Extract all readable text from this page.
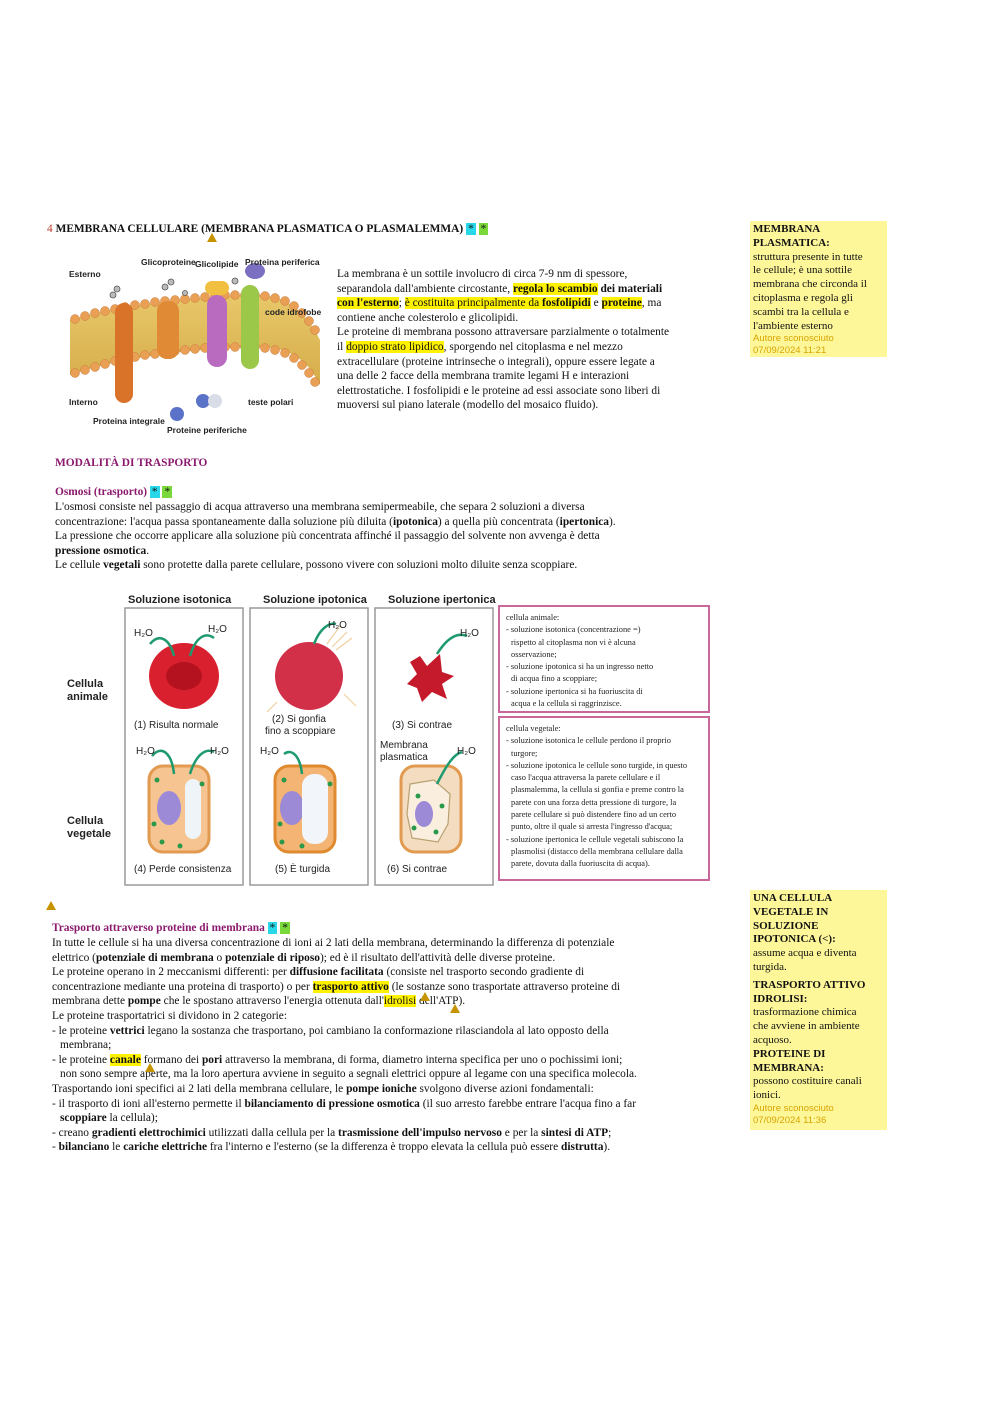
4 MEMBRANA CELLULARE (MEMBRANA PLASMATICA O PLASMALEMMA) * *
Esterno
Glicoproteine Glicolipide Proteina periferica
code idrofobe
Interno	teste polari
Proteina integrale
Proteine periferiche

La membrana è un sottile involucro di circa 7-9 nm di spessore,

separandola dall'ambiente circostante, regola lo scambio dei materiali

con l'esterno; è costituita principalmente da fosfolipidi e proteine, ma

contiene anche colesterolo e glicolipidi.

Le proteine di membrana possono attraversare parzialmente o totalmente

il doppio strato lipidico, sporgendo nel citoplasma e nel mezzo

extracellulare (proteine intrinseche o integrali), oppure essere legate a

una delle 2 facce della membrana tramite legami H e interazioni

elettrostatiche. I fosfolipidi e le proteine ad essi associate sono liberi di

muoversi sul piano laterale (modello del mosaico fluido).

MEMBRANA
PLASMATICA:
struttura presente in tutte
le cellule; è una sottile
membrana che circonda il
citoplasma e regola gli
scambi tra la cellula e
l'ambiente esterno
Autore sconosciuto
07/09/2024 11:21
MODALITÀ DI TRASPORTO
Osmosi (trasporto) * *

L'osmosi consiste nel passaggio di acqua attraverso una membrana semipermeabile, che separa 2 soluzioni a diversa

concentrazione: l'acqua passa spontaneamente dalla soluzione più diluita (ipotonica) a quella più concentrata (ipertonica).

La pressione che occorre applicare alla soluzione più concentrata affinché il passaggio del solvente non avvenga è detta

pressione osmotica.

Le cellule vegetali sono protette dalla parete cellulare, possono vivere con soluzioni molto diluite senza scoppiare.

Soluzione isotonica	Soluzione ipotonica Soluzione ipertonica
Cellula
animale
Cellula
vegetale
H₂O	H₂O	H₂O
H₂O
(1) Risulta normale
(2) Si gonfia
fino a scoppiare
(3) Si contrae
H₂O	H₂O	H₂O	H₂O
Membrana
plasmatica
(4) Perde consistenza	(5) È turgida	(6) Si contrae
cellula animale:
- soluzione isotonica (concentrazione =)
rispetto al citoplasma non vi è alcuna
osservazione;
- soluzione ipotonica si ha un ingresso netto
di acqua fino a scoppiare;
- soluzione ipertonica si ha fuoriuscita di
acqua e la cellula si raggrinzisce.
cellula vegetale:
- soluzione isotonica le cellule perdono il proprio
turgore;
- soluzione ipotonica le cellule sono turgide, in questo
caso l'acqua attraversa la parete cellulare e il
plasmalemma, la cellula si gonfia e preme contro la
parete con una forza detta pressione di turgore, la
parete cellulare si può distendere fino ad un certo
punto, oltre il quale si arresta l'ingresso d'acqua;
- soluzione ipertonica le cellule vegetali subiscono la
plasmolisi (distacco della membrana cellulare dalla
parete, dovuta dalla fuoriuscita di acqua).
UNA CELLULA
VEGETALE IN
SOLUZIONE
IPOTONICA (<):
assume acqua e diventa
turgida.
TRASPORTO ATTIVO
IDROLISI:
trasformazione chimica
che avviene in ambiente
acquoso.
PROTEINE DI
MEMBRANA:
possono costituire canali
ionici.
Autore sconosciuto
07/09/2024 11:36
Trasporto attraverso proteine di membrana * *

In tutte le cellule si ha una diversa concentrazione di ioni ai 2 lati della membrana, determinando la differenza di potenziale

elettrico (potenziale di membrana o potenziale di riposo); ed è il risultato dell'attività delle diverse proteine.

Le proteine operano in 2 meccanismi differenti: per diffusione facilitata (consiste nel trasporto secondo gradiente di

concentrazione mediante una proteina di trasporto) o per trasporto attivo (le sostanze sono trasportate attraverso proteine di

membrana dette pompe che le spostano attraverso l'energia ottenuta dall'idrolisi dell'ATP).

Le proteine trasportatrici si dividono in 2 categorie:

- le proteine vettrici legano la sostanza che trasportano, poi cambiano la conformazione rilasciandola al lato opposto della

membrana;

- le proteine canale formano dei pori attraverso la membrana, di forma, diametro interna specifica per uno o pochissimi ioni;

non sono sempre aperte, ma la loro apertura avviene in seguito a segnali elettrici oppure al legame con una specifica molecola.

Trasportando ioni specifici ai 2 lati della membrana cellulare, le pompe ioniche svolgono diverse azioni fondamentali:

- il trasporto di ioni all'esterno permette il bilanciamento di pressione osmotica (il suo arresto farebbe entrare l'acqua fino a far

scoppiare la cellula);

- creano gradienti elettrochimici utilizzati dalla cellula per la trasmissione dell'impulso nervoso e per la sintesi di ATP;

- bilanciano le cariche elettriche fra l'interno e l'esterno (se la differenza è troppo elevata la cellula può essere distrutta).
